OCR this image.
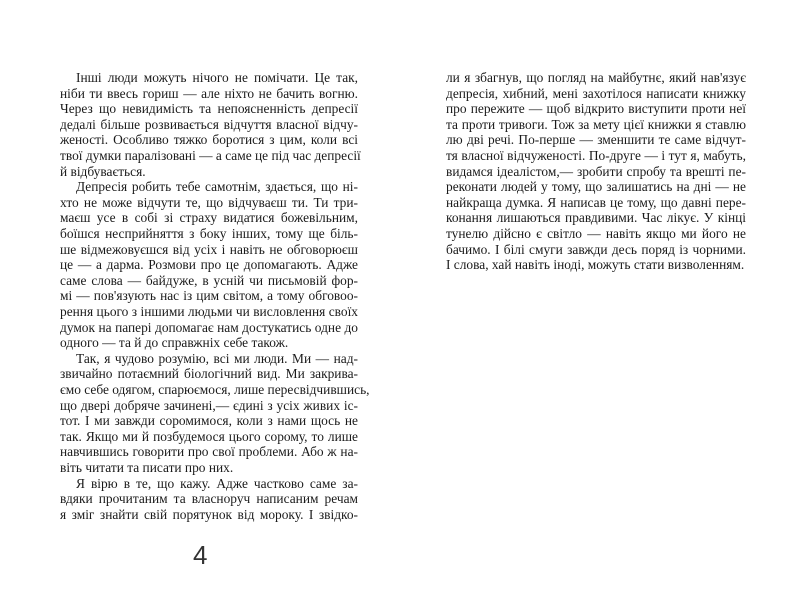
Інші люди можуть нічого не помічати. Це так,
ніби ти ввесь гориш — але ніхто не бачить вогню.
Через що невидимість та непоясненність депресії
дедалі більше розвивається відчуття власної відчу-
женості. Особливо тяжко боротися з цим, коли всі
твої думки паралізовані — а саме це під час депресії
й відбувається.
Депресія робить тебе самотнім, здається, що ні-
хто не може відчути те, що відчуваєш ти. Ти три-
маєш усе в собі зі страху видатися божевільним,
боїшся несприйняття з боку інших, тому ще біль-
ше відмежовуєшся від усіх і навіть не обговорюєш
це — а дарма. Розмови про це допомагають. Адже
саме слова — байдуже, в усній чи письмовій фор-
мі — пов'язують нас із цим світом, а тому обговоо-
рення цього з іншими людьми чи висловлення своїх
думок на папері допомагає нам достукатись одне до
одного — та й до справжніх себе також.
Так, я чудово розумію, всі ми люди. Ми — над-
звичайно потаємний біологічний вид. Ми закрива-
ємо себе одягом, спарюємося, лише пересвідчившись,
що двері добряче зачинені,— єдині з усіх живих іс-
тот. І ми завжди соромимося, коли з нами щось не
так. Якщо ми й позбудемося цього сорому, то лише
навчившись говорити про свої проблеми. Або ж на-
віть читати та писати про них.
Я вірю в те, що кажу. Адже частково саме за-
вдяки прочитаним та власноруч написаним речам
я зміг знайти свій порятунок від мороку. І звідко-
ли я збагнув, що погляд на майбутнє, який нав'язує
депресія, хибний, мені захотілося написати книжку
про пережите — щоб відкрито виступити проти неї
та проти тривоги. Тож за мету цієї книжки я ставлю
лю дві речі. По-перше — зменшити те саме відчут-
тя власної відчуженості. По-друге — і тут я, мабуть,
видамся ідеалістом,— зробити спробу та врешті пе-
реконати людей у тому, що залишатись на дні — не
найкраща думка. Я написав це тому, що давні пере-
конання лишаються правдивими. Час лікує. У кінці
тунелю дійсно є світло — навіть якщо ми його не
бачимо. І білі смуги завжди десь поряд із чорними.
І слова, хай навіть іноді, можуть стати визволенням.
4
